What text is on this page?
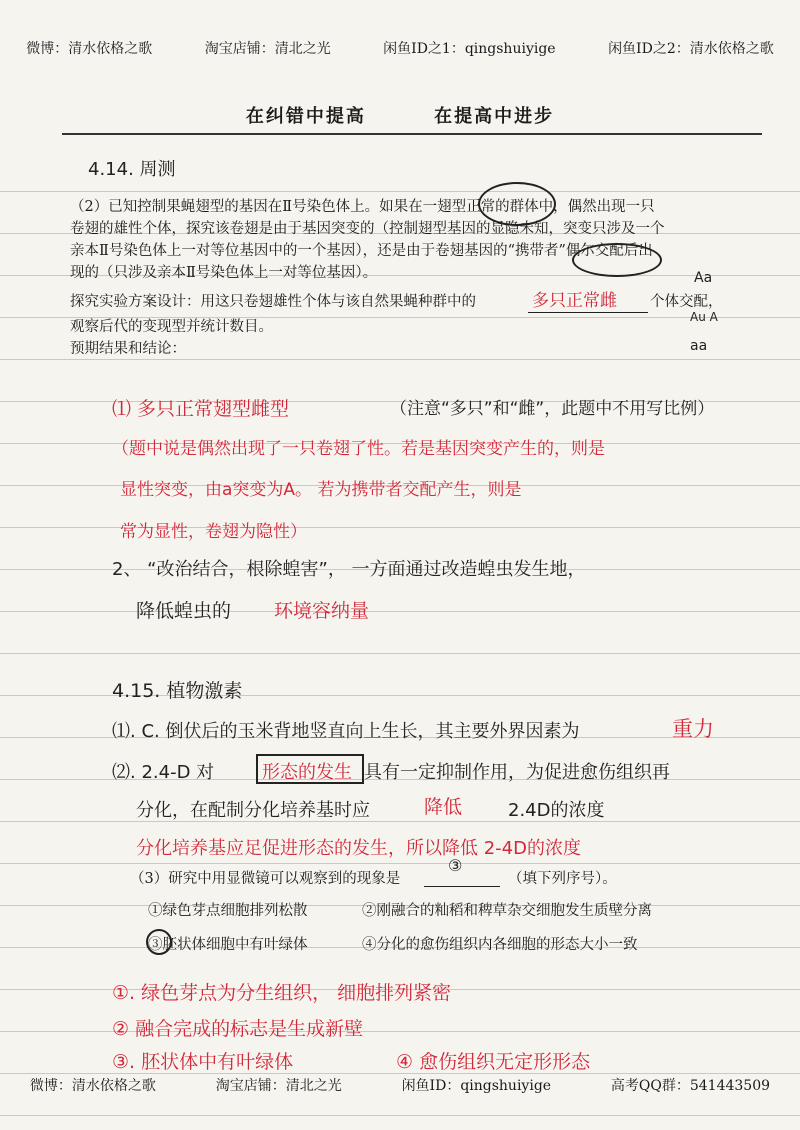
微博：清水依格之歌	淘宝店铺：清北之光	闲鱼ID之1：qingshuiyige	闲鱼ID之2：清水依格之歌
在纠错中提高	在提高中进步
4.14. 周测
（2）已知控制果蝇翅型的基因在Ⅱ号染色体上。如果在一翅型正常的群体中，偶然出现一只
卷翅的雄性个体，探究该卷翅是由于基因突变的（控制翅型基因的显隐未知，突变只涉及一个
亲本Ⅱ号染色体上一对等位基因中的一个基因），还是由于卷翅基因的“携带者”偶尔交配后出
现的（只涉及亲本Ⅱ号染色体上一对等位基因）。
探究实验方案设计：用这只卷翅雄性个体与该自然果蝇种群中的	多只正常雌 个体交配，
观察后代的变现型并统计数目。
预期结果和结论：
Aa
Au A
aa
⑴ 多只正常翅型雌型	（注意“多只”和“雌”，此题中不用写比例）
（题中说是偶然出现了一只卷翅了性。若是基因突变产生的，则是
显性突变，由a突变为A。 若为携带者交配产生，则是
常为显性，卷翅为隐性）
2、 “改治结合，根除蝗害”， 一方面通过改造蝗虫发生地，
降低蝗虫的 环境容纳量
4.15. 植物激素
⑴. C. 倒伏后的玉米背地竖直向上生长，其主要外界因素为	重力
⑵. 2.4-D 对	形态的发生 具有一定抑制作用，为促进愈伤组织再
分化，在配制分化培养基时应	降低	2.4D的浓度
分化培养基应足促进形态的发生，所以降低 2-4D的浓度
（3）研究中用显微镜可以观察到的现象是
③
（填下列序号）。
①绿色芽点细胞排列松散	②刚融合的籼稻和稗草杂交细胞发生质壁分离
③胚状体细胞中有叶绿体	④分化的愈伤组织内各细胞的形态大小一致
①. 绿色芽点为分生组织， 细胞排列紧密
② 融合完成的标志是生成新壁
③. 胚状体中有叶绿体	④ 愈伤组织无定形形态
微博：清水依格之歌	淘宝店铺：清北之光	闲鱼ID：qingshuiyige	高考QQ群：541443509
